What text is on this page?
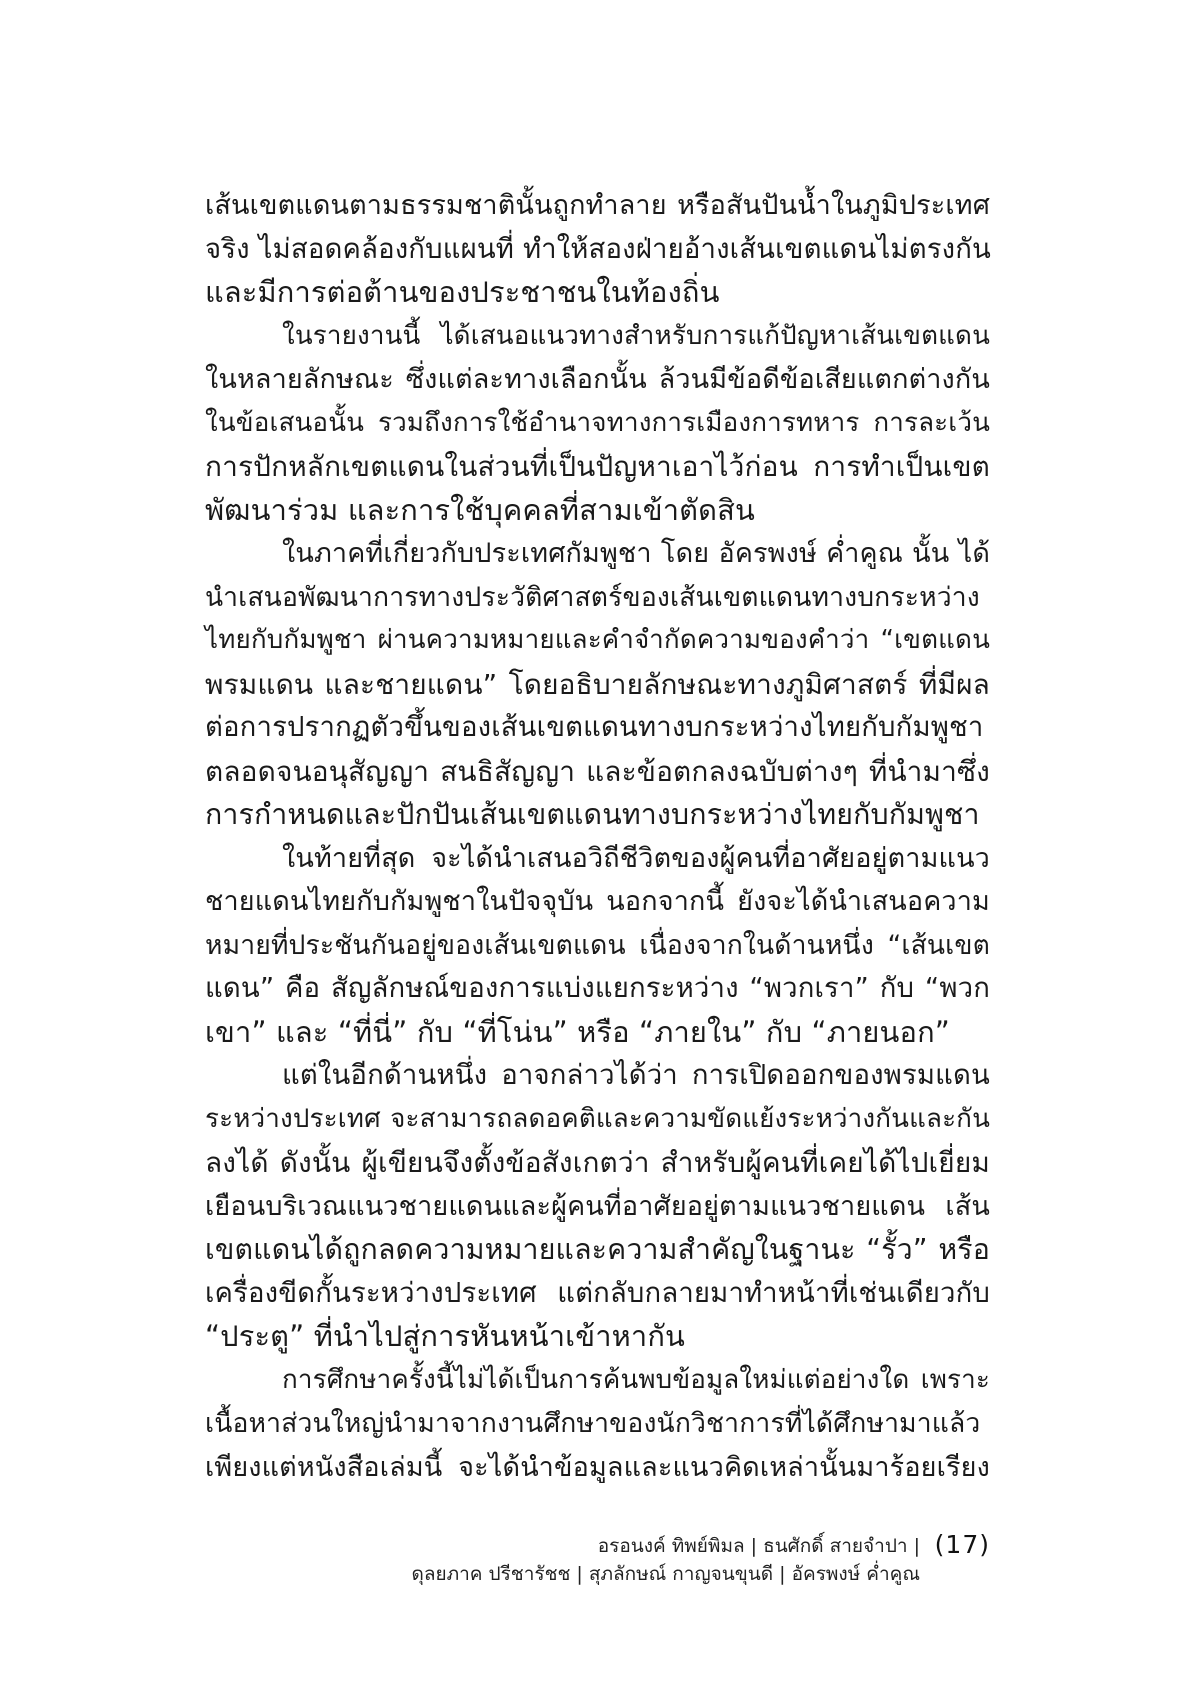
เส้นเขตแดนตามธรรมชาตินั้นถูกทำลาย หรือสันปันน้ำในภูมิประเทศ
จริง ไม่สอดคล้องกับแผนที่ ทำให้สองฝ่ายอ้างเส้นเขตแดนไม่ตรงกัน
และมีการต่อต้านของประชาชนในท้องถิ่น
ในรายงานนี้ ได้เสนอแนวทางสำหรับการแก้ปัญหาเส้นเขตแดน
ในหลายลักษณะ ซึ่งแต่ละทางเลือกนั้น ล้วนมีข้อดีข้อเสียแตกต่างกัน
ในข้อเสนอนั้น รวมถึงการใช้อำนาจทางการเมืองการทหาร การละเว้น
การปักหลักเขตแดนในส่วนที่เป็นปัญหาเอาไว้ก่อน การทำเป็นเขต
พัฒนาร่วม และการใช้บุคคลที่สามเข้าตัดสิน
ในภาคที่เกี่ยวกับประเทศกัมพูชา โดย อัครพงษ์ ค่ำคูณ นั้น ได้
นำเสนอพัฒนาการทางประวัติศาสตร์ของเส้นเขตแดนทางบกระหว่าง
ไทยกับกัมพูชา ผ่านความหมายและคำจำกัดความของคำว่า “เขตแดน
พรมแดน และชายแดน” โดยอธิบายลักษณะทางภูมิศาสตร์ ที่มีผล
ต่อการปรากฏตัวขึ้นของเส้นเขตแดนทางบกระหว่างไทยกับกัมพูชา
ตลอดจนอนุสัญญา สนธิสัญญา และข้อตกลงฉบับต่างๆ ที่นำมาซึ่ง
การกำหนดและปักปันเส้นเขตแดนทางบกระหว่างไทยกับกัมพูชา
ในท้ายที่สุด จะได้นำเสนอวิถีชีวิตของผู้คนที่อาศัยอยู่ตามแนว
ชายแดนไทยกับกัมพูชาในปัจจุบัน นอกจากนี้ ยังจะได้นำเสนอความ
หมายที่ประชันกันอยู่ของเส้นเขตแดน เนื่องจากในด้านหนึ่ง “เส้นเขต
แดน” คือ สัญลักษณ์ของการแบ่งแยกระหว่าง “พวกเรา” กับ “พวก
เขา” และ “ที่นี่” กับ “ที่โน่น” หรือ “ภายใน” กับ “ภายนอก”
แต่ในอีกด้านหนึ่ง อาจกล่าวได้ว่า การเปิดออกของพรมแดน
ระหว่างประเทศ จะสามารถลดอคติและความขัดแย้งระหว่างกันและกัน
ลงได้ ดังนั้น ผู้เขียนจึงตั้งข้อสังเกตว่า สำหรับผู้คนที่เคยได้ไปเยี่ยม
เยือนบริเวณแนวชายแดนและผู้คนที่อาศัยอยู่ตามแนวชายแดน เส้น
เขตแดนได้ถูกลดความหมายและความสำคัญในฐานะ “รั้ว” หรือ
เครื่องขีดกั้นระหว่างประเทศ แต่กลับกลายมาทำหน้าที่เช่นเดียวกับ
“ประตู” ที่นำไปสู่การหันหน้าเข้าหากัน
การศึกษาครั้งนี้ไม่ได้เป็นการค้นพบข้อมูลใหม่แต่อย่างใด เพราะ
เนื้อหาส่วนใหญ่นำมาจากงานศึกษาของนักวิชาการที่ได้ศึกษามาแล้ว
เพียงแต่หนังสือเล่มนี้ จะได้นำข้อมูลและแนวคิดเหล่านั้นมาร้อยเรียง
อรอนงค์ ทิพย์พิมล | ธนศักดิ์ สายจำปา |
ดุลยภาค ปรีชารัชช | สุภลักษณ์ กาญจนขุนดี | อัครพงษ์ ค่ำคูณ
(17)
